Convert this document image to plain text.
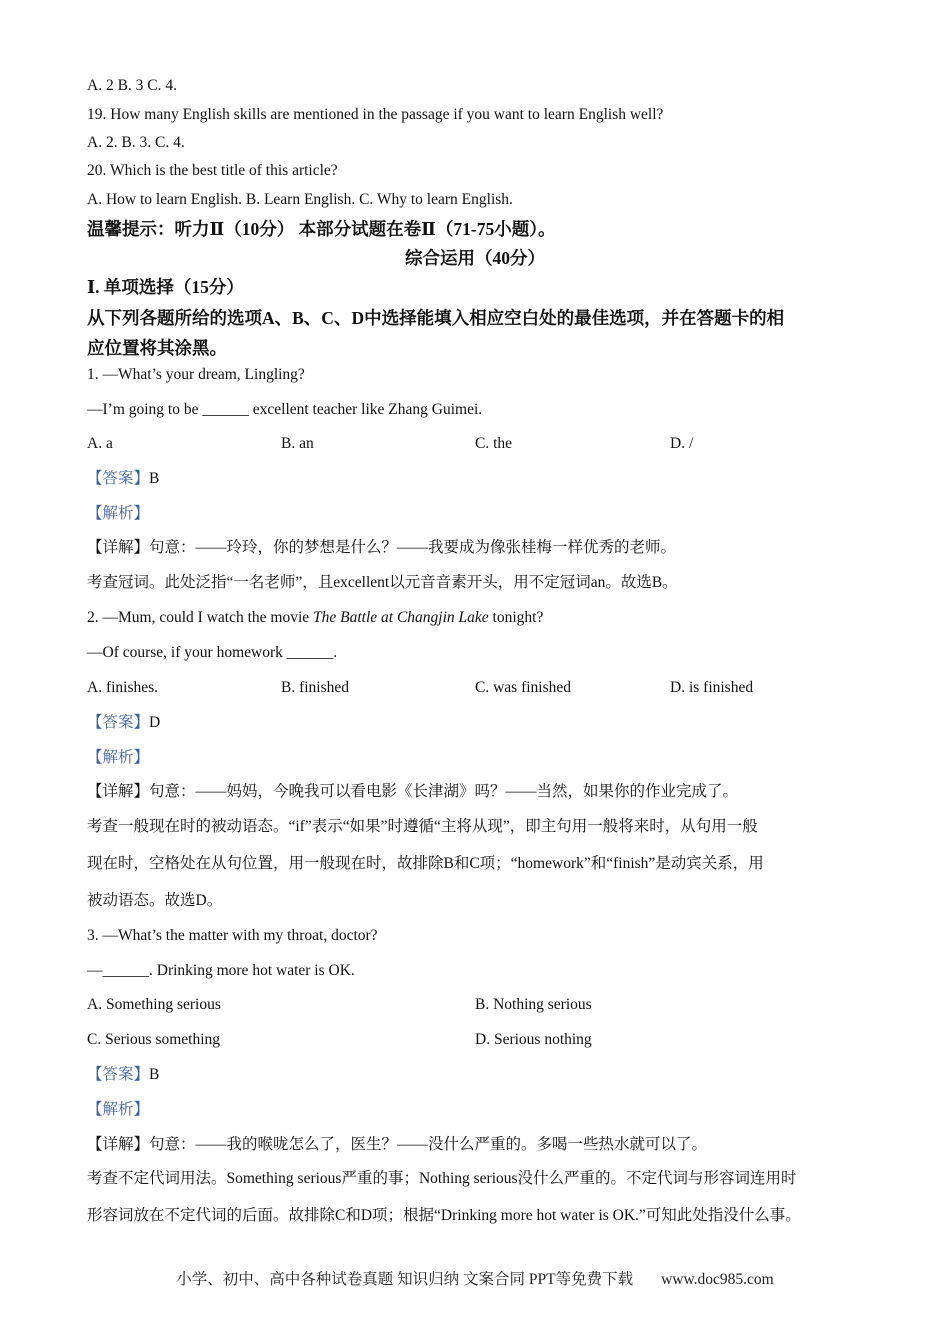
A. 2 B. 3 C. 4.
19. How many English skills are mentioned in the passage if you want to learn English well?
A. 2. B. 3. C. 4.
20. Which is the best title of this article?
A. How to learn English. B. Learn English. C. Why to learn English.
温馨提示：听力Ⅱ（10分） 本部分试题在卷Ⅱ（71-75小题）。
综合运用（40分）
Ⅰ. 单项选择（15分）
从下列各题所给的选项A、B、C、D中选择能填入相应空白处的最佳选项，并在答题卡的相
应位置将其涂黑。
1. —What’s your dream, Lingling?
—I’m going to be ______ excellent teacher like Zhang Guimei.
A. a	B. an	C. the	D. /
【答案】B
【解析】
【详解】句意：——玲玲，你的梦想是什么？——我要成为像张桂梅一样优秀的老师。
考查冠词。此处泛指“一名老师”，且excellent以元音音素开头，用不定冠词an。故选B。
2. —Mum, could I watch the movie The Battle at Changjin Lake tonight?
—Of course, if your homework ______.
A. finishes.	B. finished	C. was finished	D. is finished
【答案】D
【解析】
【详解】句意：——妈妈，今晚我可以看电影《长津湖》吗？——当然，如果你的作业完成了。
考查一般现在时的被动语态。“if”表示“如果”时遵循“主将从现”，即主句用一般将来时，从句用一般
现在时，空格处在从句位置，用一般现在时，故排除B和C项；“homework”和“finish”是动宾关系，用
被动语态。故选D。
3. —What’s the matter with my throat, doctor?
—______. Drinking more hot water is OK.
A. Something serious	B. Nothing serious
C. Serious something	D. Serious nothing
【答案】B
【解析】
【详解】句意：——我的喉咙怎么了，医生？——没什么严重的。多喝一些热水就可以了。
考查不定代词用法。Something serious严重的事；Nothing serious没什么严重的。不定代词与形容词连用时
形容词放在不定代词的后面。故排除C和D项；根据“Drinking more hot water is OK.”可知此处指没什么事。
小学、初中、高中各种试卷真题 知识归纳 文案合同 PPT等免费下载 www.doc985.com
